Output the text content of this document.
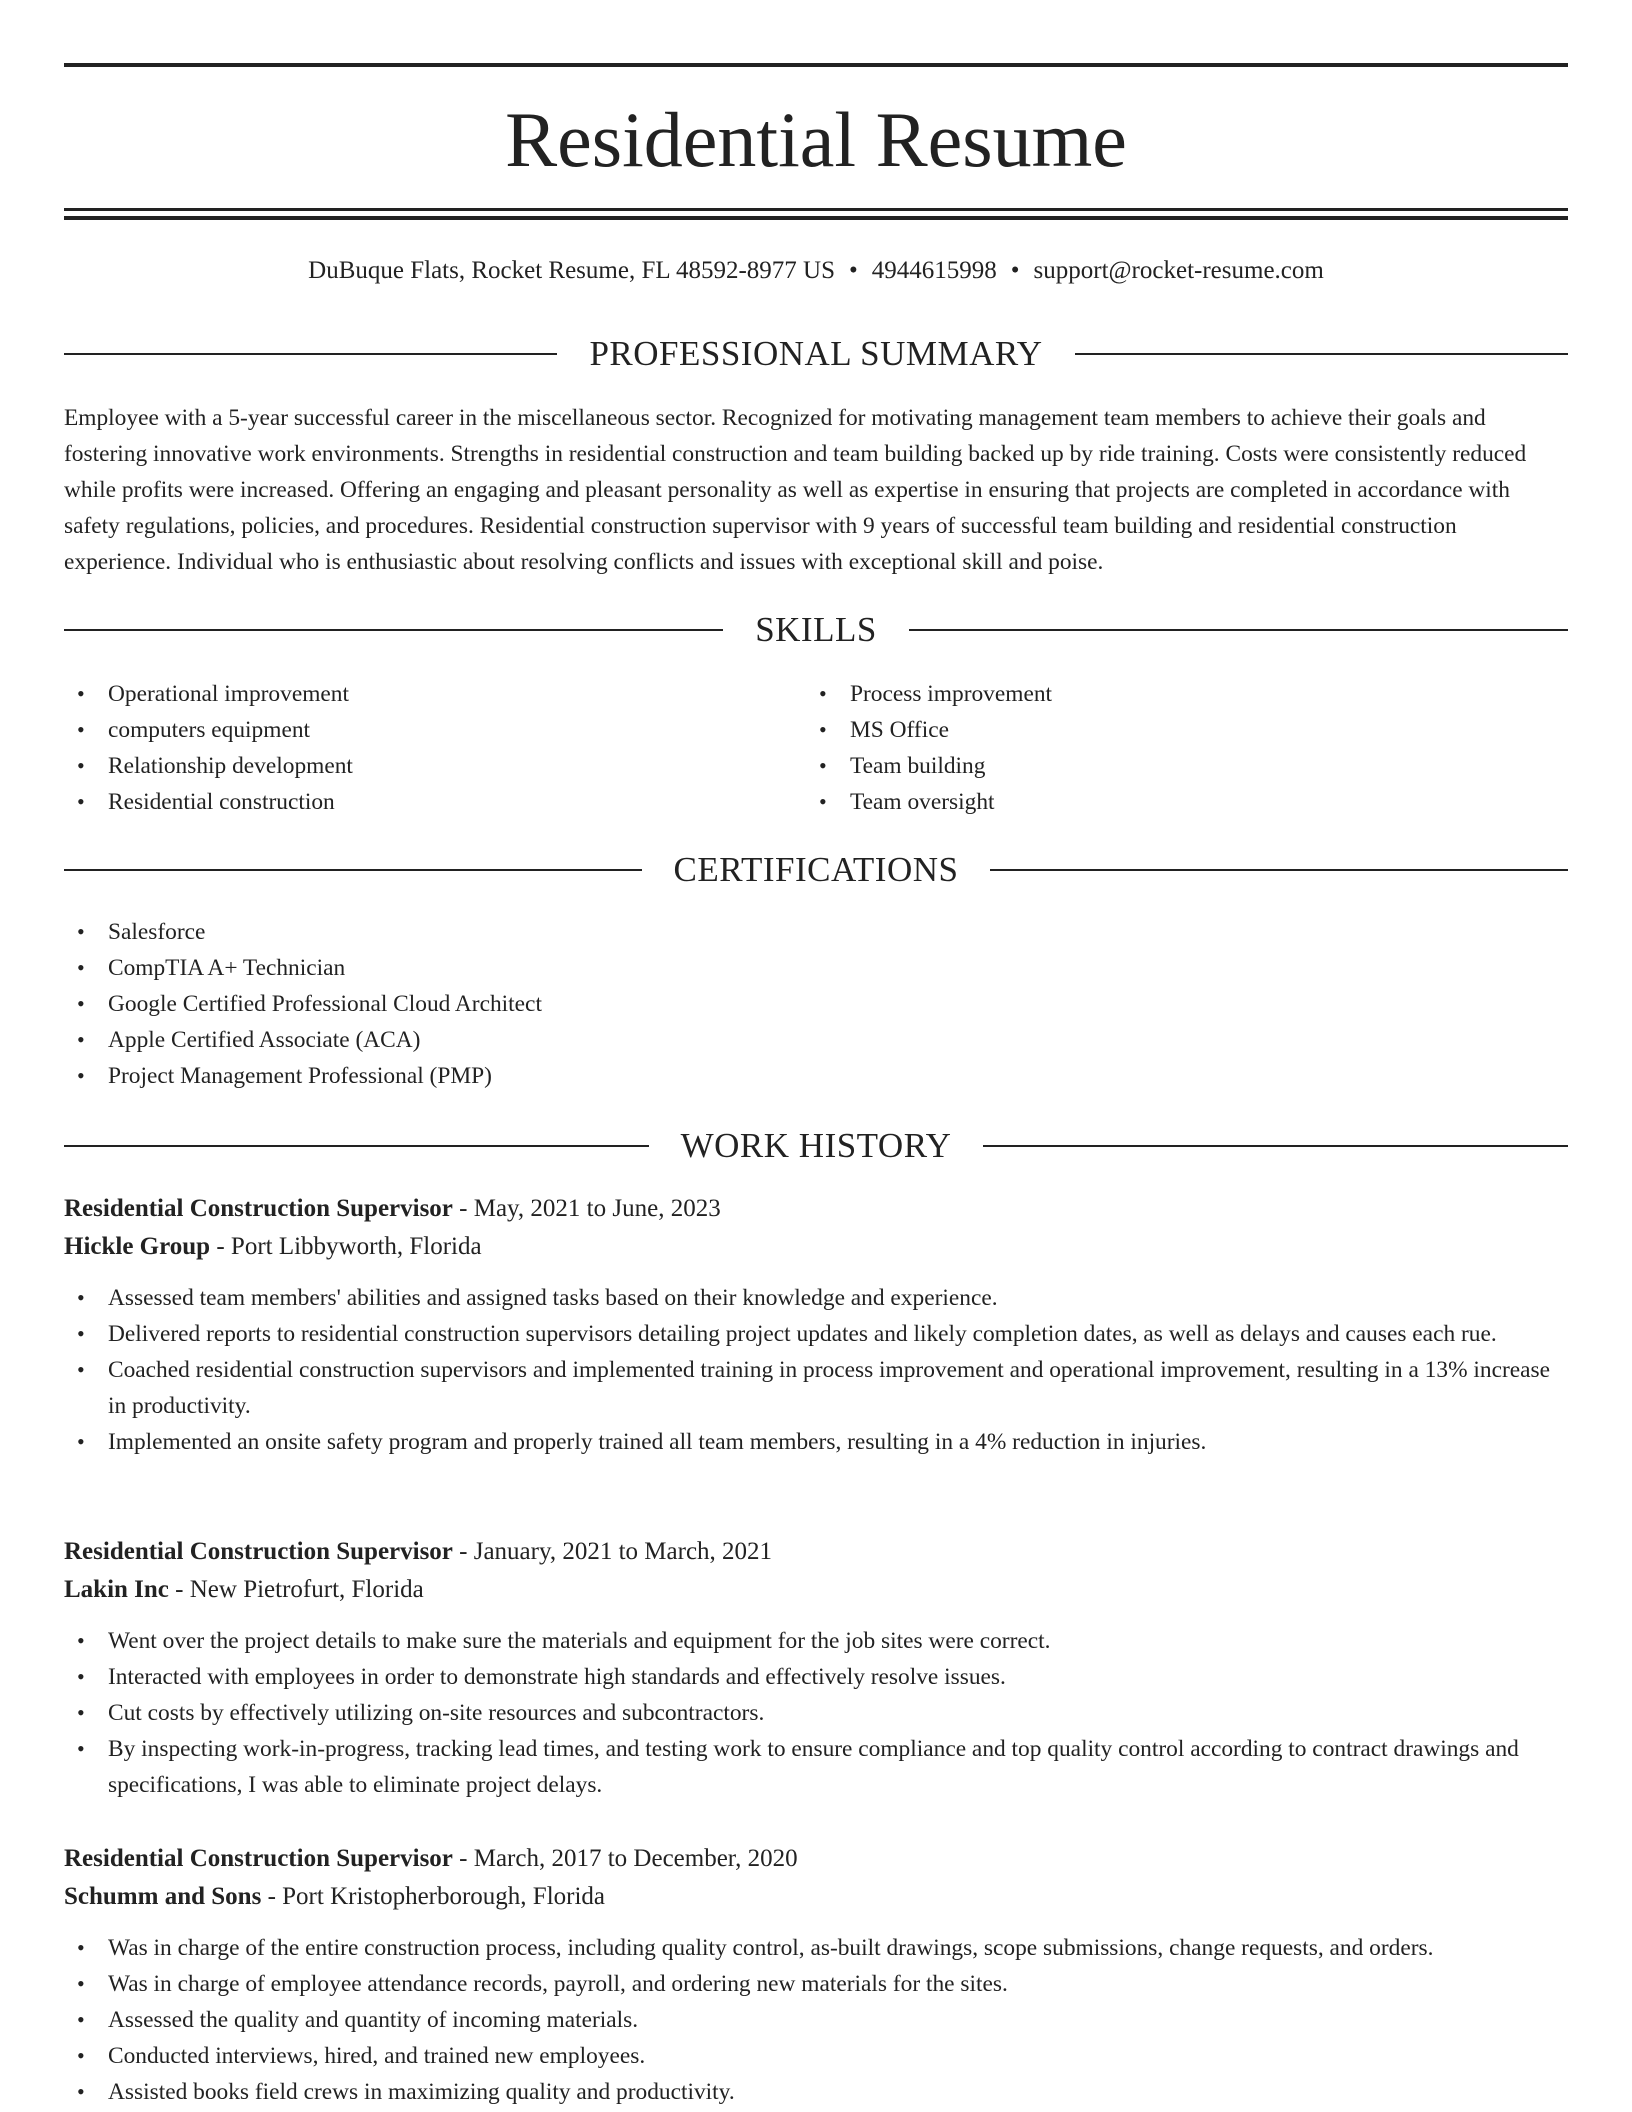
Residential Resume
DuBuque Flats, Rocket Resume, FL 48592-8977 US • 4944615998 • support@rocket-resume.com
PROFESSIONAL SUMMARY
Employee with a 5-year successful career in the miscellaneous sector. Recognized for motivating management team members to achieve their goals and fostering innovative work environments. Strengths in residential construction and team building backed up by ride training. Costs were consistently reduced while profits were increased. Offering an engaging and pleasant personality as well as expertise in ensuring that projects are completed in accordance with safety regulations, policies, and procedures. Residential construction supervisor with 9 years of successful team building and residential construction experience. Individual who is enthusiastic about resolving conflicts and issues with exceptional skill and poise.
SKILLS
• Operational improvement
• computers equipment
• Relationship development
• Residential construction
• Process improvement
• MS Office
• Team building
• Team oversight
CERTIFICATIONS
• Salesforce
• CompTIA A+ Technician
• Google Certified Professional Cloud Architect
• Apple Certified Associate (ACA)
• Project Management Professional (PMP)
WORK HISTORY
Residential Construction Supervisor - May, 2021 to June, 2023
Hickle Group - Port Libbyworth, Florida
• Assessed team members' abilities and assigned tasks based on their knowledge and experience.
• Delivered reports to residential construction supervisors detailing project updates and likely completion dates, as well as delays and causes each rue.
• Coached residential construction supervisors and implemented training in process improvement and operational improvement, resulting in a 13% increase in productivity.
• Implemented an onsite safety program and properly trained all team members, resulting in a 4% reduction in injuries.
Residential Construction Supervisor - January, 2021 to March, 2021
Lakin Inc - New Pietrofurt, Florida
• Went over the project details to make sure the materials and equipment for the job sites were correct.
• Interacted with employees in order to demonstrate high standards and effectively resolve issues.
• Cut costs by effectively utilizing on-site resources and subcontractors.
• By inspecting work-in-progress, tracking lead times, and testing work to ensure compliance and top quality control according to contract drawings and specifications, I was able to eliminate project delays.
Residential Construction Supervisor - March, 2017 to December, 2020
Schumm and Sons - Port Kristopherborough, Florida
• Was in charge of the entire construction process, including quality control, as-built drawings, scope submissions, change requests, and orders.
• Was in charge of employee attendance records, payroll, and ordering new materials for the sites.
• Assessed the quality and quantity of incoming materials.
• Conducted interviews, hired, and trained new employees.
• Assisted books field crews in maximizing quality and productivity.
